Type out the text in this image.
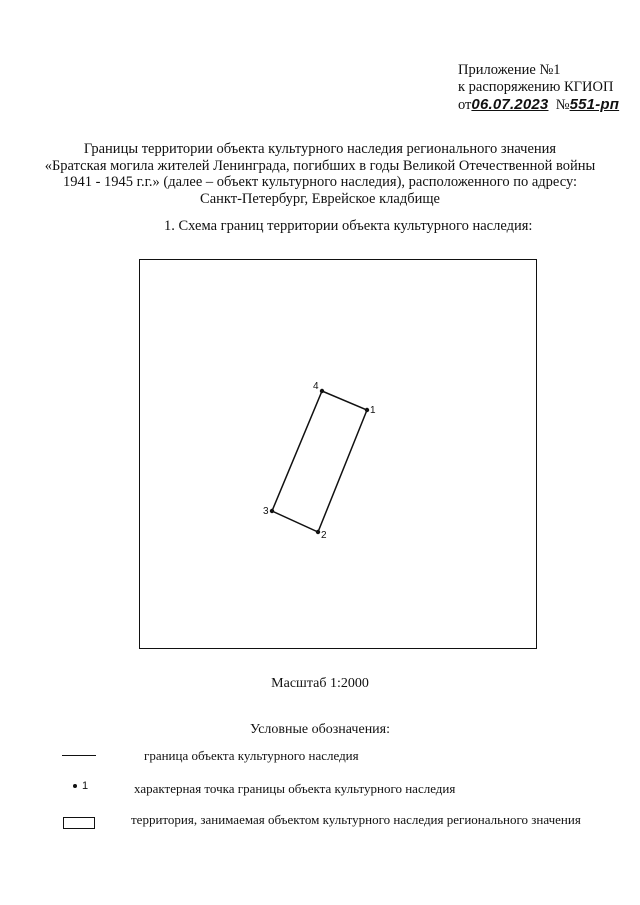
Приложение №1
к распоряжению КГИОП
от06.07.2023 №551-рп
Границы территории объекта культурного наследия регионального значения
«Братская могила жителей Ленинграда, погибших в годы Великой Отечественной войны
1941 - 1945 г.г.» (далее – объект культурного наследия), расположенного по адресу:
Санкт-Петербург, Еврейское кладбище
1. Схема границ территории объекта культурного наследия:
1
2
3
4
Масштаб 1:2000
Условные обозначения:
граница объекта культурного наследия
1	характерная точка границы объекта культурного наследия
территория, занимаемая объектом культурного наследия регионального значения
